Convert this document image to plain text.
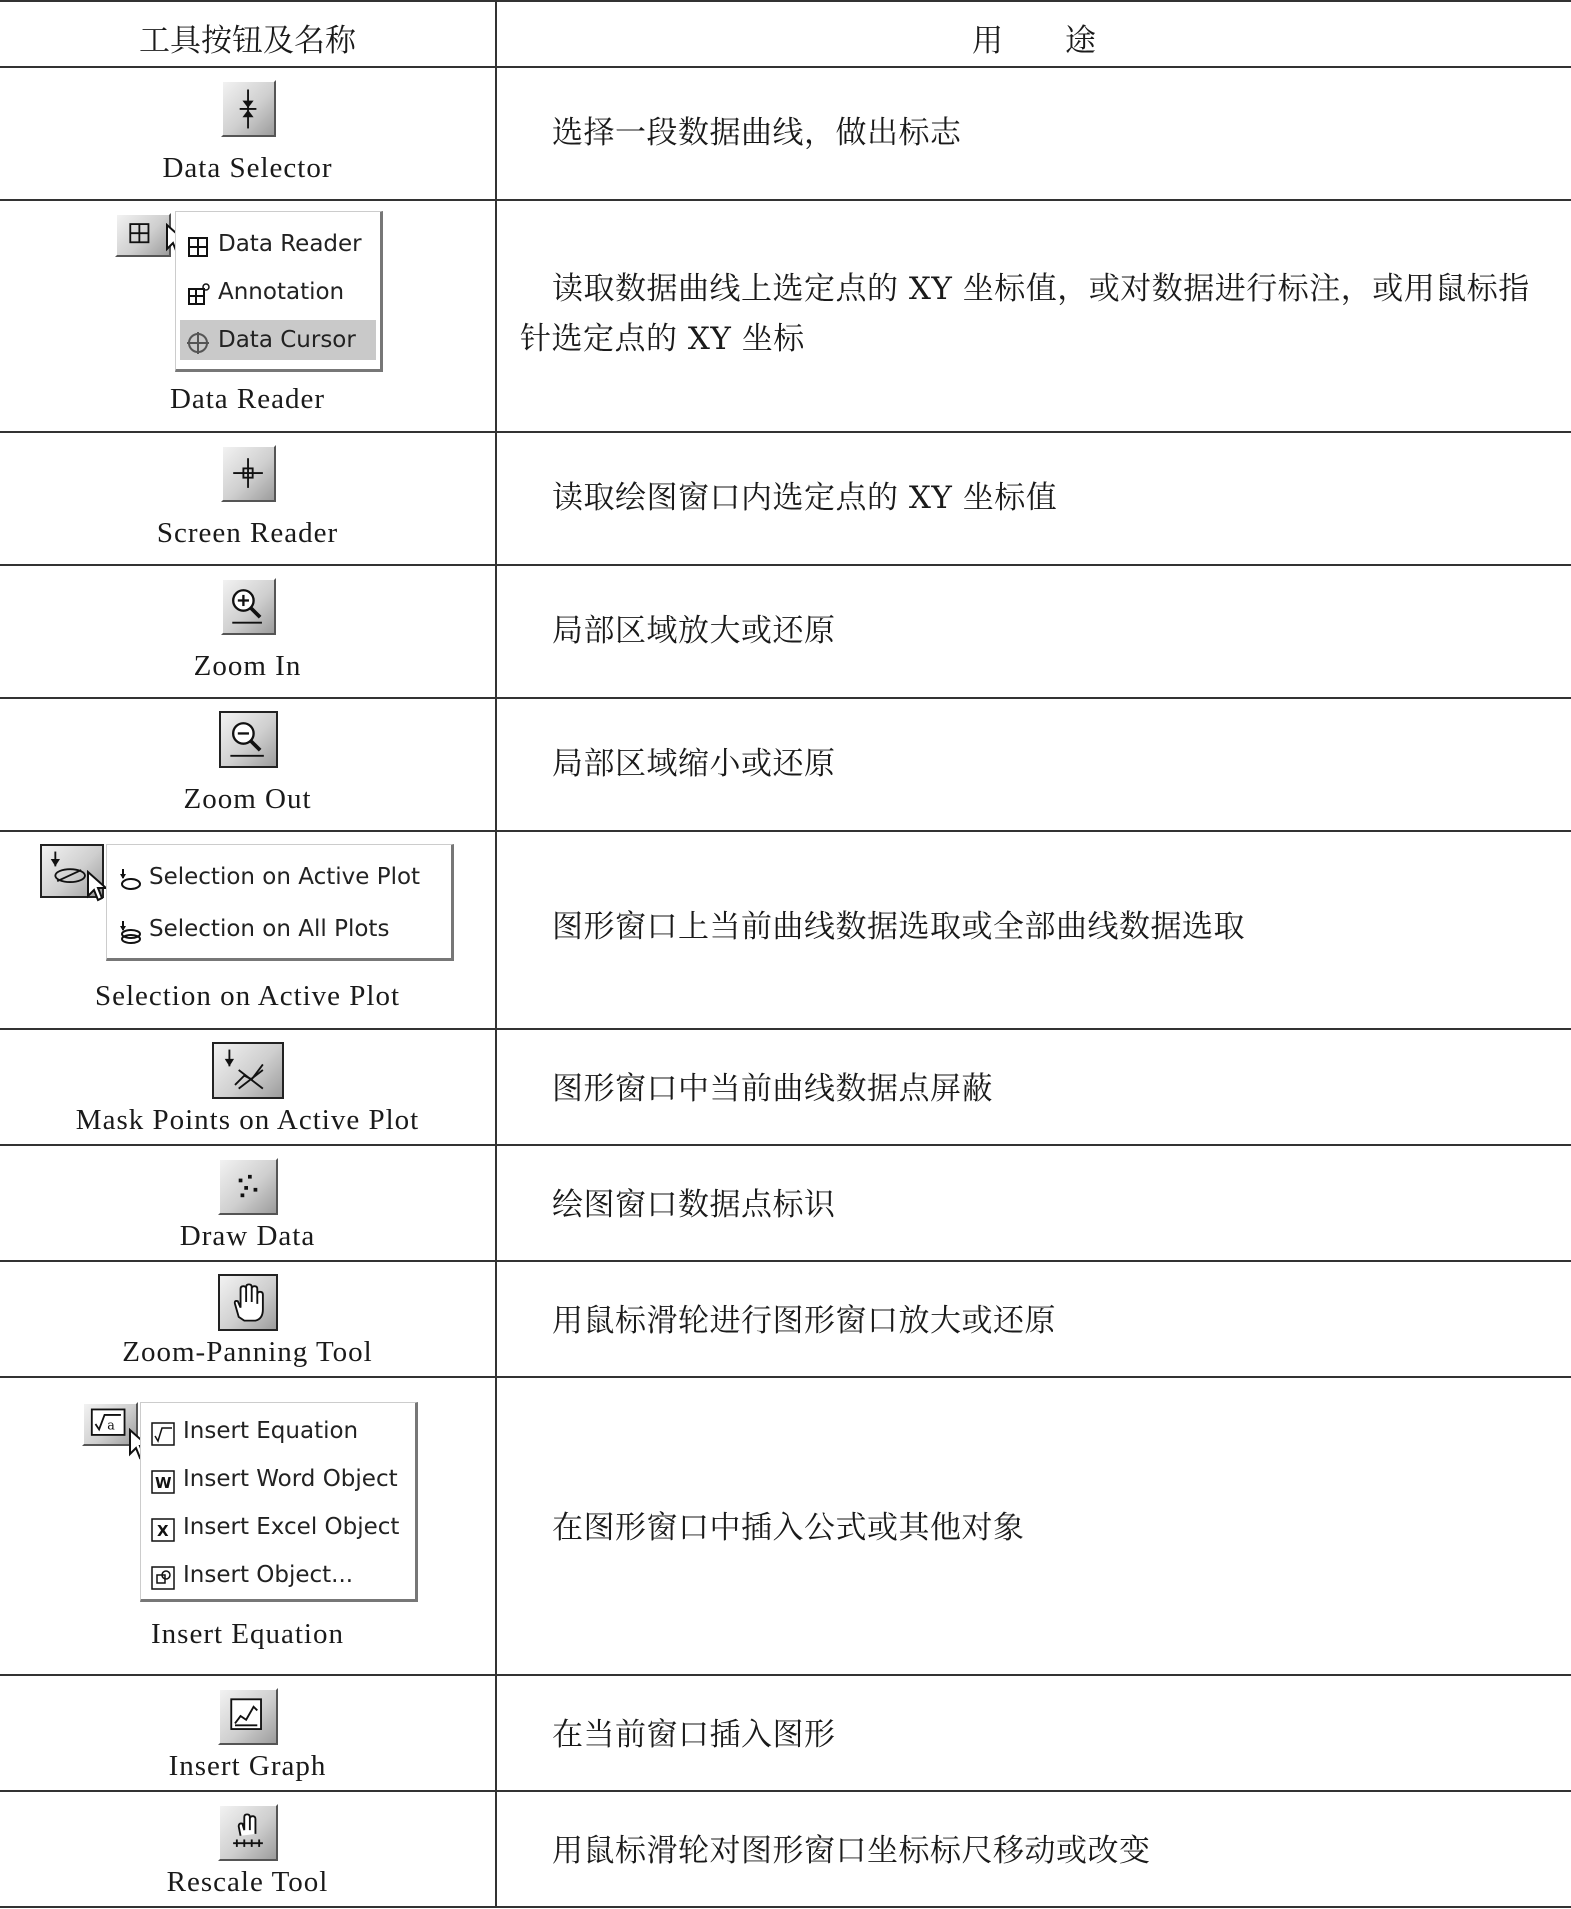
工具按钮及名称	用　　途
Data Selector
选择一段数据曲线，做出标志
Data Reader
Annotation
Data Cursor
Data Reader
读取数据曲线上选定点的 XY 坐标值，或对数据进行标注，或用鼠标指针选定点的 XY 坐标
Screen Reader
读取绘图窗口内选定点的 XY 坐标值
Zoom In
局部区域放大或还原
Zoom Out
局部区域缩小或还原
Selection on Active Plot
Selection on All Plots
Selection on Active Plot
图形窗口上当前曲线数据选取或全部曲线数据选取
Mask Points on Active Plot
图形窗口中当前曲线数据点屏蔽
Draw Data
绘图窗口数据点标识
Zoom-Panning Tool
用鼠标滑轮进行图形窗口放大或还原
a	Insert Equation
W Insert Word Object
X Insert Excel Object
Insert Object...
Insert Equation
在图形窗口中插入公式或其他对象
Insert Graph
在当前窗口插入图形
Rescale Tool
用鼠标滑轮对图形窗口坐标标尺移动或改变
